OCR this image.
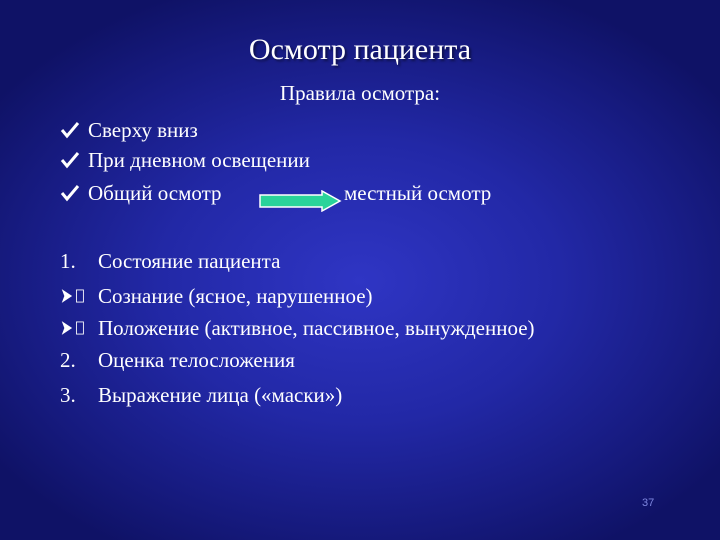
Осмотр пациента
Правила осмотра:
Сверху вниз
При дневном освещении
Общий осмотр	местный осмотр
1.	Состояние пациента
Сознание (ясное, нарушенное)
Положение (активное, пассивное, вынужденное)
2.	Оценка телосложения
3.	Выражение лица («маски»)
37
